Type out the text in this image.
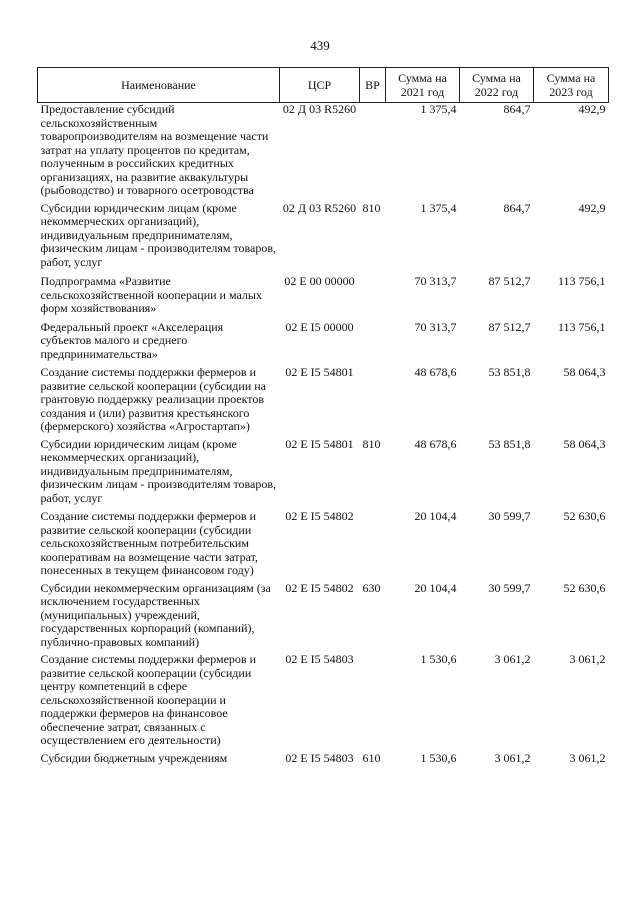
439
Наименование	ЦСР	ВР	Сумма на 2021 год	Сумма на 2022 год	Сумма на 2023 год
Предоставление субсидий сельскохозяйственным товаропроизводителям на возмещение части затрат на уплату процентов по кредитам, полученным в российских кредитных организациях, на развитие аквакультуры (рыбоводство) и товарного осетроводства	02 Д 03 R5260		1 375,4	864,7	492,9
Субсидии юридическим лицам (кроме некоммерческих организаций), индивидуальным предпринимателям, физическим лицам - производителям товаров, работ, услуг	02 Д 03 R5260	810	1 375,4	864,7	492,9
Подпрограмма «Развитие сельскохозяйственной кооперации и малых форм хозяйствования»	02 Е 00 00000		70 313,7	87 512,7	113 756,1
Федеральный проект «Акселерация субъектов малого и среднего предпринимательства»	02 Е I5 00000		70 313,7	87 512,7	113 756,1
Создание системы поддержки фермеров и развитие сельской кооперации (субсидии на грантовую поддержку реализации проектов создания и (или) развития крестьянского (фермерского) хозяйства «Агростартап»)	02 Е I5 54801		48 678,6	53 851,8	58 064,3
Субсидии юридическим лицам (кроме некоммерческих организаций), индивидуальным предпринимателям, физическим лицам - производителям товаров, работ, услуг	02 Е I5 54801	810	48 678,6	53 851,8	58 064,3
Создание системы поддержки фермеров и развитие сельской кооперации (субсидии сельскохозяйственным потребительским кооперативам на возмещение части затрат, понесенных в текущем финансовом году)	02 Е I5 54802		20 104,4	30 599,7	52 630,6
Субсидии некоммерческим организациям (за исключением государственных (муниципальных) учреждений, государственных корпораций (компаний), публично-правовых компаний)	02 Е I5 54802	630	20 104,4	30 599,7	52 630,6
Создание системы поддержки фермеров и развитие сельской кооперации (субсидии центру компетенций в сфере сельскохозяйственной кооперации и поддержки фермеров на финансовое обеспечение затрат, связанных с осуществлением его деятельности)	02 Е I5 54803		1 530,6	3 061,2	3 061,2
Субсидии бюджетным учреждениям	02 Е I5 54803	610	1 530,6	3 061,2	3 061,2
